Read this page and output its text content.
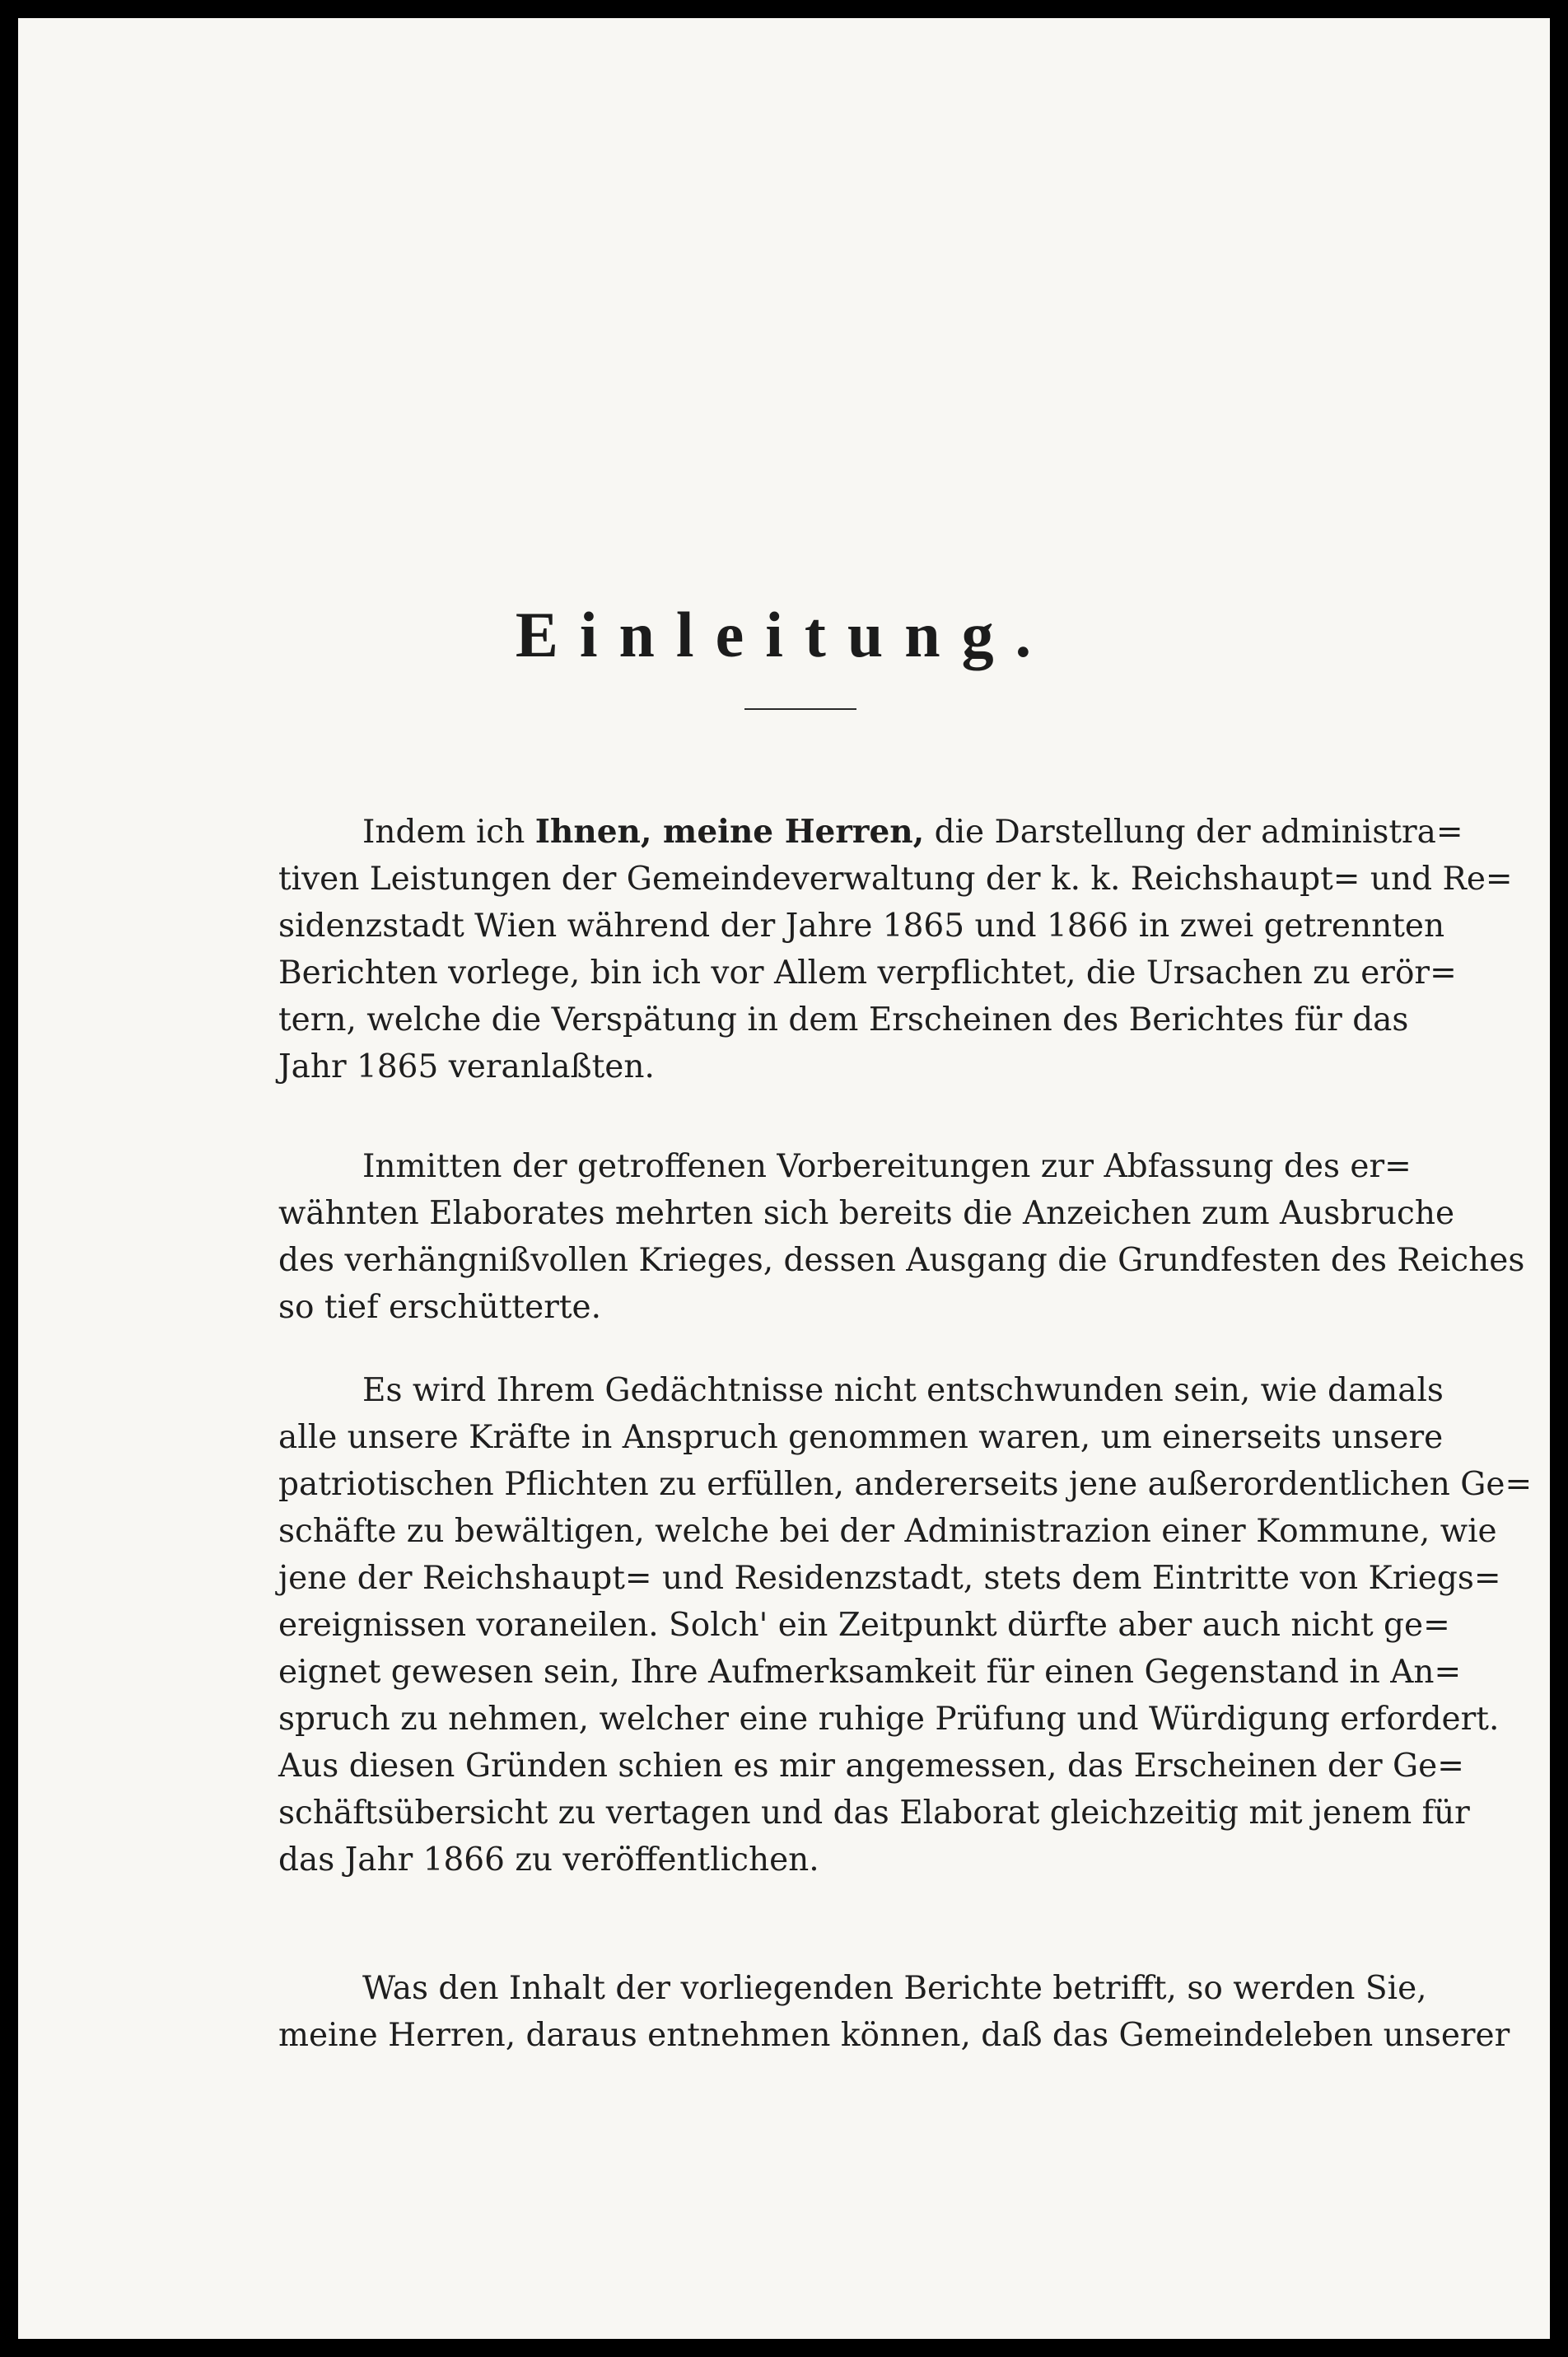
Einleitung.
Indem ich Ihnen, meine Herren, die Darstellung der administra=
tiven Leistungen der Gemeindeverwaltung der k. k. Reichshaupt= und Re=
sidenzstadt Wien während der Jahre 1865 und 1866 in zwei getrennten
Berichten vorlege, bin ich vor Allem verpflichtet, die Ursachen zu erör=
tern, welche die Verspätung in dem Erscheinen des Berichtes für das
Jahr 1865 veranlaßten.
Inmitten der getroffenen Vorbereitungen zur Abfassung des er=
wähnten Elaborates mehrten sich bereits die Anzeichen zum Ausbruche
des verhängnißvollen Krieges, dessen Ausgang die Grundfesten des Reiches
so tief erschütterte.
Es wird Ihrem Gedächtnisse nicht entschwunden sein, wie damals
alle unsere Kräfte in Anspruch genommen waren, um einerseits unsere
patriotischen Pflichten zu erfüllen, andererseits jene außerordentlichen Ge=
schäfte zu bewältigen, welche bei der Administrazion einer Kommune, wie
jene der Reichshaupt= und Residenzstadt, stets dem Eintritte von Kriegs=
ereignissen voraneilen. Solch' ein Zeitpunkt dürfte aber auch nicht ge=
eignet gewesen sein, Ihre Aufmerksamkeit für einen Gegenstand in An=
spruch zu nehmen, welcher eine ruhige Prüfung und Würdigung erfordert.
Aus diesen Gründen schien es mir angemessen, das Erscheinen der Ge=
schäftsübersicht zu vertagen und das Elaborat gleichzeitig mit jenem für
das Jahr 1866 zu veröffentlichen.
Was den Inhalt der vorliegenden Berichte betrifft, so werden Sie,
meine Herren, daraus entnehmen können, daß das Gemeindeleben unserer
